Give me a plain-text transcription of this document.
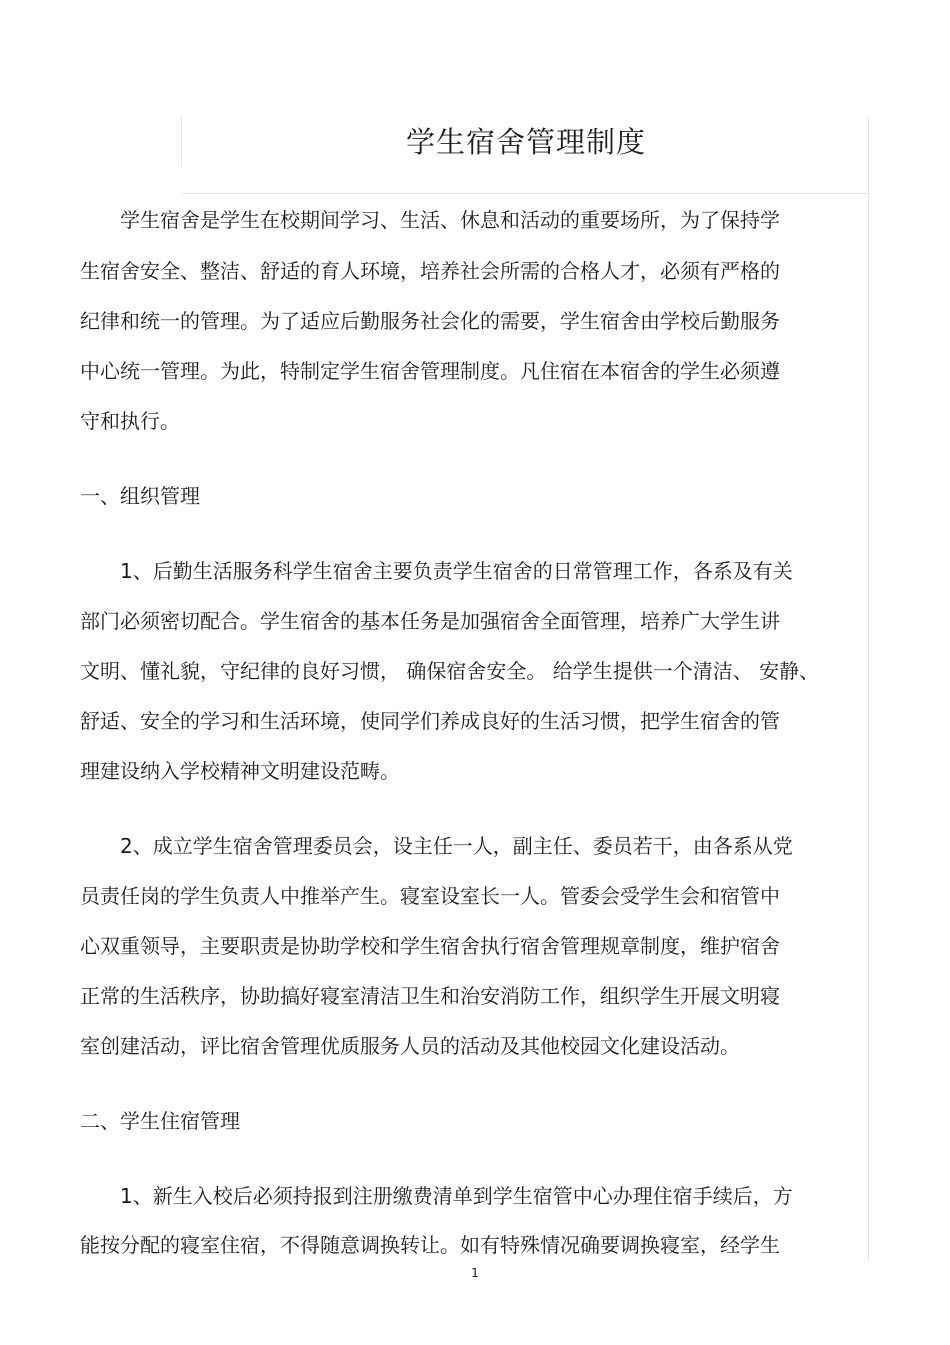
学生宿舍管理制度
学生宿舍是学生在校期间学习、生活、休息和活动的重要场所，为了保持学
生宿舍安全、整洁、舒适的育人环境，培养社会所需的合格人才，必须有严格的
纪律和统一的管理。为了适应后勤服务社会化的需要，学生宿舍由学校后勤服务
中心统一管理。为此，特制定学生宿舍管理制度。凡住宿在本宿舍的学生必须遵
守和执行。
一、组织管理
1、后勤生活服务科学生宿舍主要负责学生宿舍的日常管理工作，各系及有关
部门必须密切配合。学生宿舍的基本任务是加强宿舍全面管理，培养广大学生讲
文明、懂礼貌，守纪律的良好习惯， 确保宿舍安全。 给学生提供一个清洁、 安静、
舒适、安全的学习和生活环境，使同学们养成良好的生活习惯，把学生宿舍的管
理建设纳入学校精神文明建设范畴。
2、成立学生宿舍管理委员会，设主任一人，副主任、委员若干，由各系从党
员责任岗的学生负责人中推举产生。寝室设室长一人。管委会受学生会和宿管中
心双重领导，主要职责是协助学校和学生宿舍执行宿舍管理规章制度，维护宿舍
正常的生活秩序，协助搞好寝室清洁卫生和治安消防工作，组织学生开展文明寝
室创建活动，评比宿舍管理优质服务人员的活动及其他校园文化建设活动。
二、学生住宿管理
1、新生入校后必须持报到注册缴费清单到学生宿管中心办理住宿手续后，方
能按分配的寝室住宿，不得随意调换转让。如有特殊情况确要调换寝室，经学生
1
